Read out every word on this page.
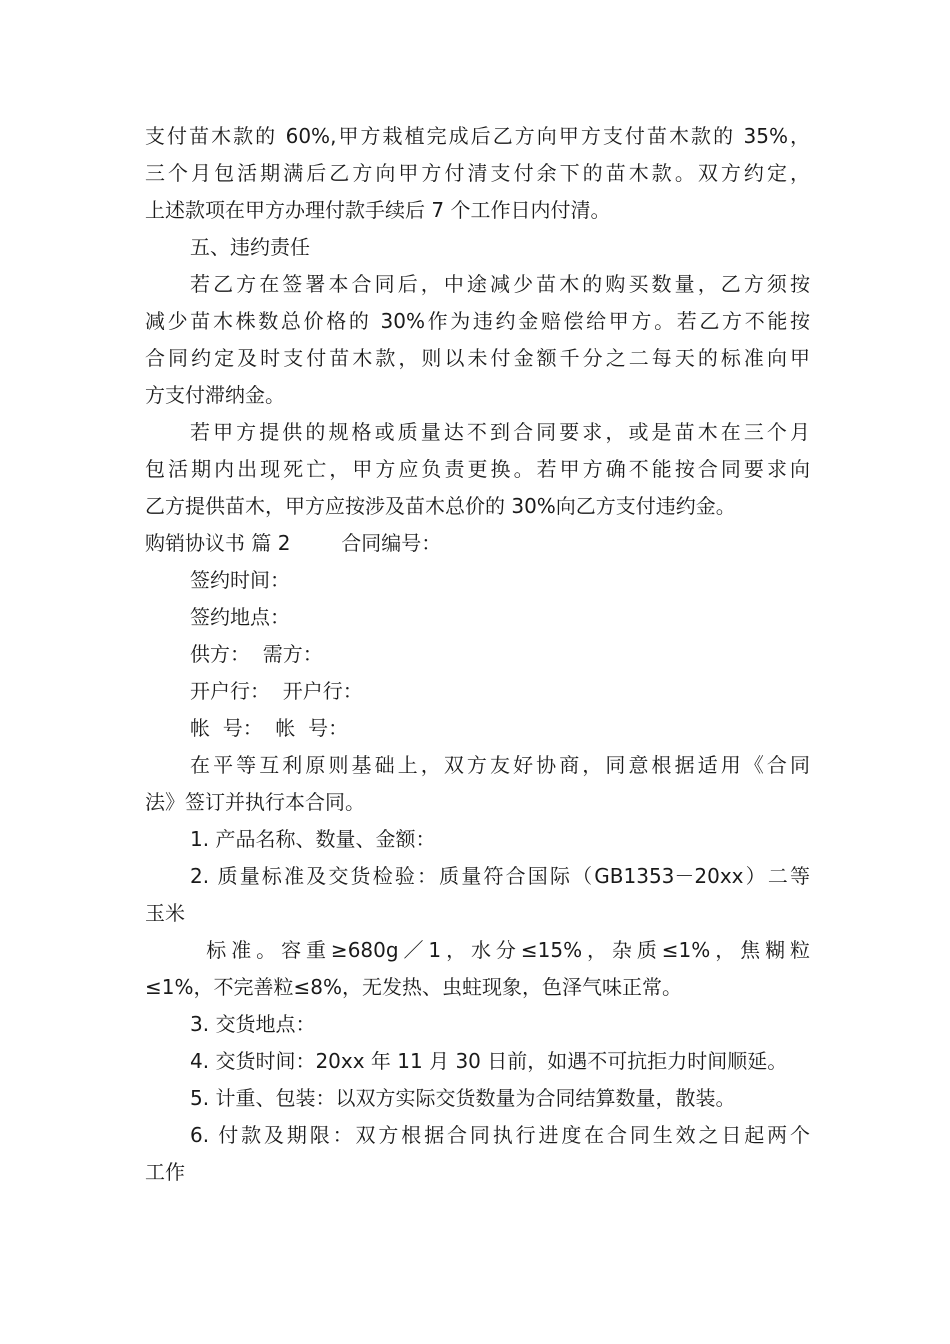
支付苗木款的 60%,甲方栽植完成后乙方向甲方支付苗木款的 35%，
三个月包活期满后乙方向甲方付清支付余下的苗木款。双方约定，
上述款项在甲方办理付款手续后 7 个工作日内付清。
五、违约责任
若乙方在签署本合同后，中途减少苗木的购买数量，乙方须按
减少苗木株数总价格的 30%作为违约金赔偿给甲方。若乙方不能按
合同约定及时支付苗木款，则以未付金额千分之二每天的标准向甲
方支付滞纳金。
若甲方提供的规格或质量达不到合同要求，或是苗木在三个月
包活期内出现死亡，甲方应负责更换。若甲方确不能按合同要求向
乙方提供苗木，甲方应按涉及苗木总价的 30%向乙方支付违约金。
购销协议书 篇 2        合同编号：
签约时间：
签约地点：
供方：  需方：
开户行：  开户行：
帐  号：  帐  号：
在平等互利原则基础上，双方友好协商，同意根据适用《合同
法》签订并执行本合同。
1. 产品名称、数量、金额：
2. 质量标准及交货检验：质量符合国际（GB1353－20xx）二等
玉米
标准。容重≥680g／1，水分≤15%，杂质≤1%，焦糊粒
≤1%，不完善粒≤8%，无发热、虫蛀现象，色泽气味正常。
3. 交货地点：
4. 交货时间：20xx 年 11 月 30 日前，如遇不可抗拒力时间顺延。
5. 计重、包装：以双方实际交货数量为合同结算数量，散装。
6. 付款及期限：双方根据合同执行进度在合同生效之日起两个
工作
